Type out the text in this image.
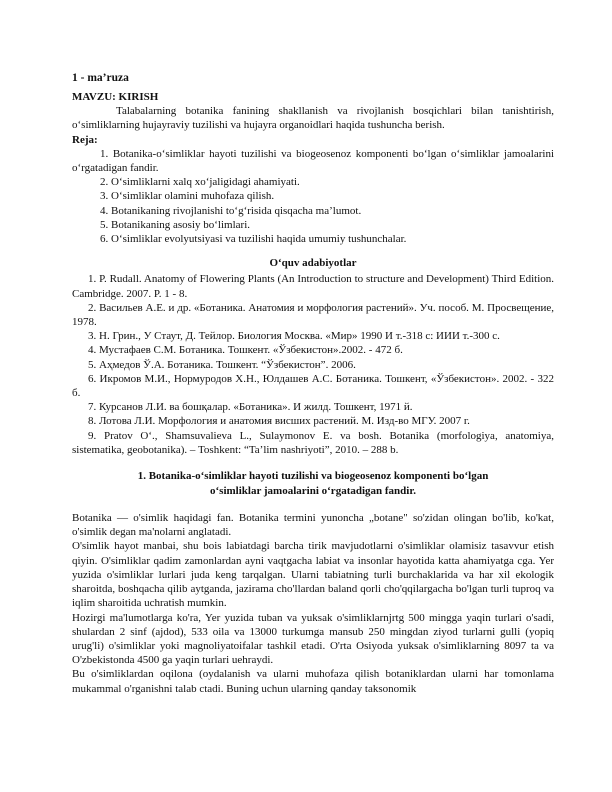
1 - ma’ruza

MAVZU: KIRISH

Talabalarning botanika fanining shakllanish va rivojlanish bosqichlari bilan tanishtirish, o‘simliklarning hujayraviy tuzilishi va hujayra organoidlari haqida tushuncha berish.

Reja:

1. Botanika-o‘simliklar hayoti tuzilishi va biogeosenoz komponenti bo‘lgan o‘simliklar jamoalarini o‘rgatadigan fandir.
2. O‘simliklarni xalq xo‘jaligidagi ahamiyati.
3. O‘simliklar olamini muhofaza qilish.
4. Botanikaning rivojlanishi to‘g‘risida qisqacha ma’lumot.
5. Botanikaning asosiy bo‘limlari.
6. O‘simliklar evolyutsiyasi va tuzilishi haqida umumiy tushunchalar.
O‘quv adabiyotlar

1. P. Rudall. Anatomy of Flowering Plants (An Introduction to structure and Development) Third Edition. Cambridge. 2007. P. 1 - 8.

2. Васильев А.Е. и др. «Ботаника. Анатомия и морфология растений». Уч. пособ. М. Просвещение, 1978.

3. Н. Грин., У Стаут, Д. Тейлор. Биология Москва. «Мир» 1990 И т.-318 с: ИИИ т.-300 с.

4. Мустафаев С.М. Ботаника. Тошкент. «Ўзбекистон».2002. - 472 б.

5. Аҳмедов Ў.А. Ботаника. Тошкент. “Ўзбекистон”. 2006.

6. Икромов М.И., Нормуродов Х.Н., Юлдашев А.С. Ботаника. Тошкент, «Ўзбекистон». 2002. - 322 б.

7. Курсанов Л.И. ва бошқалар. «Ботаника». И жилд. Тошкент, 1971 й.

8. Лотова Л.И. Морфология и анатомия висших растений. М. Изд-во МГУ. 2007 г.

9. Pratov O‘., Shamsuvalieva L., Sulaymonov E. va bosh. Botanika (morfologiya, anatomiya, sistematika, geobotanika). – Toshkent: “Ta’lim nashriyoti”, 2010. – 288 b.

1. Botanika-o‘simliklar hayoti tuzilishi va biogeosenoz komponenti bo‘lgan
o‘simliklar jamoalarini o‘rgatadigan fandir.

Botanika — o'simlik haqidagi fan. Botanika termini yunoncha „botane" so'zidan olingan bo'lib, ko'kat, o'simlik degan ma'nolarni anglatadi.

O'simlik hayot manbai, shu bois labiatdagi barcha tirik mavjudotlarni o'simliklar olamisiz tasavvur etish qiyin. O'simliklar qadim zamonlardan ayni vaqtgacha labiat va insonlar hayotida katta ahamiyatga cga. Yer yuzida o'simliklar lurlari juda keng tarqalgan. Ularni tabiatning turli burchaklarida va har xil ekologik sharoitda, boshqacha qilib aytganda, jazirama cho'llardan baland qorli cho'qqilargacha bo'lgan turli tuproq va iqlim sharoitida uchratish mumkin.

Hozirgi ma'lumotlarga ko'ra, Yer yuzida tuban va yuksak o'simliklarnjrtg 500 mingga yaqin turlari o'sadi, shulardan 2 sinf (ajdod), 533 oila va 13000 turkumga mansub 250 mingdan ziyod turlarni gulli (yopiq urug'li) o'simliklar yoki magnoliyatoifalar tashkil etadi. O'rta Osiyoda yuksak o'simliklarning 8097 ta va O'zbekistonda 4500 ga yaqin turlari uehraydi.

Bu o'simliklardan oqilona (oydalanish va ularni muhofaza qilish botaniklardan ularni har tomonlama mukammal o'rganishni talab ctadi. Buning uchun ularning qanday taksonomik
